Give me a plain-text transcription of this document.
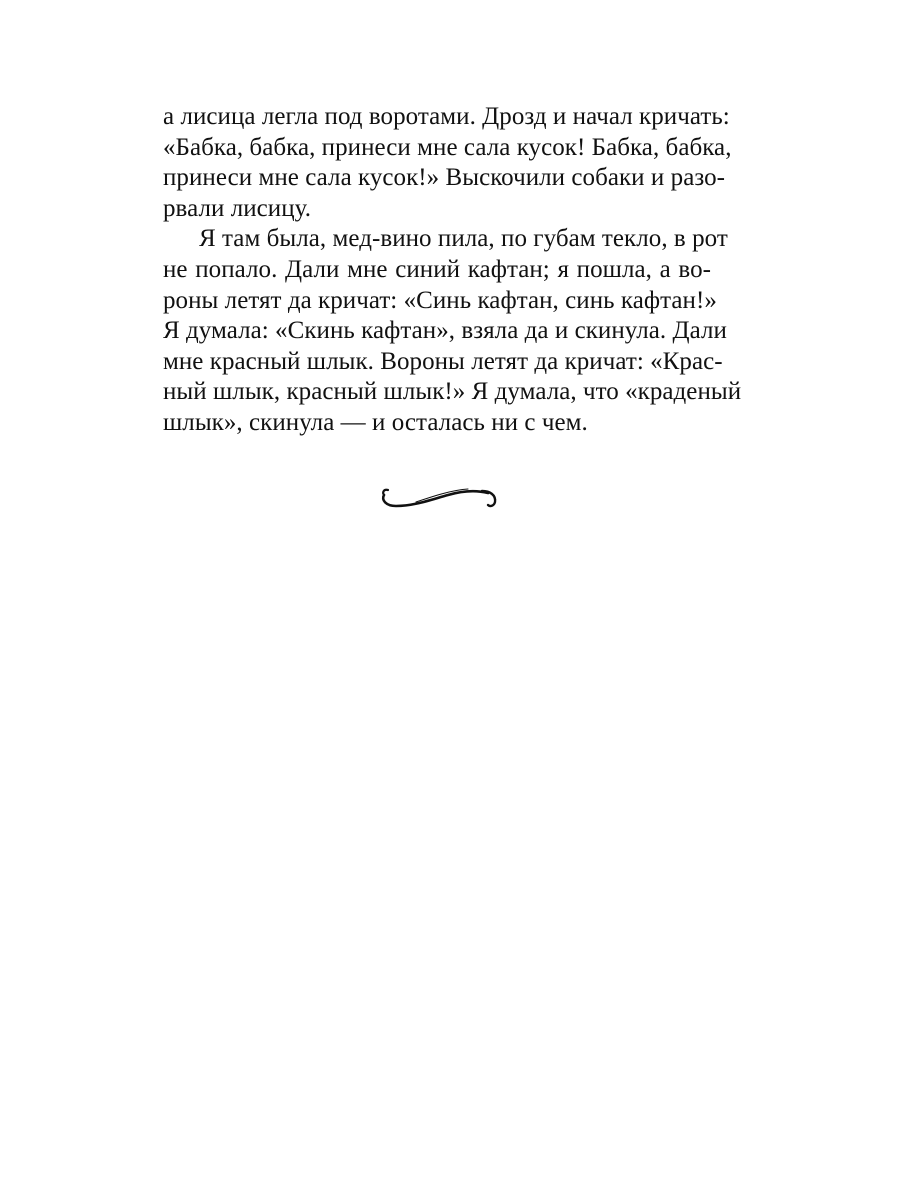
а лисица легла под воротами. Дрозд и начал кричать:
«Бабка, бабка, принеси мне сала кусок! Бабка, бабка,
принеси мне сала кусок!» Выскочили собаки и разо-
рвали лисицу.
Я там была, мед-вино пила, по губам текло, в рот
не попало. Дали мне синий кафтан; я пошла, а во-
роны летят да кричат: «Синь кафтан, синь кафтан!»
Я думала: «Скинь кафтан», взяла да и скинула. Дали
мне красный шлык. Вороны летят да кричат: «Крас-
ный шлык, красный шлык!» Я думала, что «краденый
шлык», скинула — и осталась ни с чем.
